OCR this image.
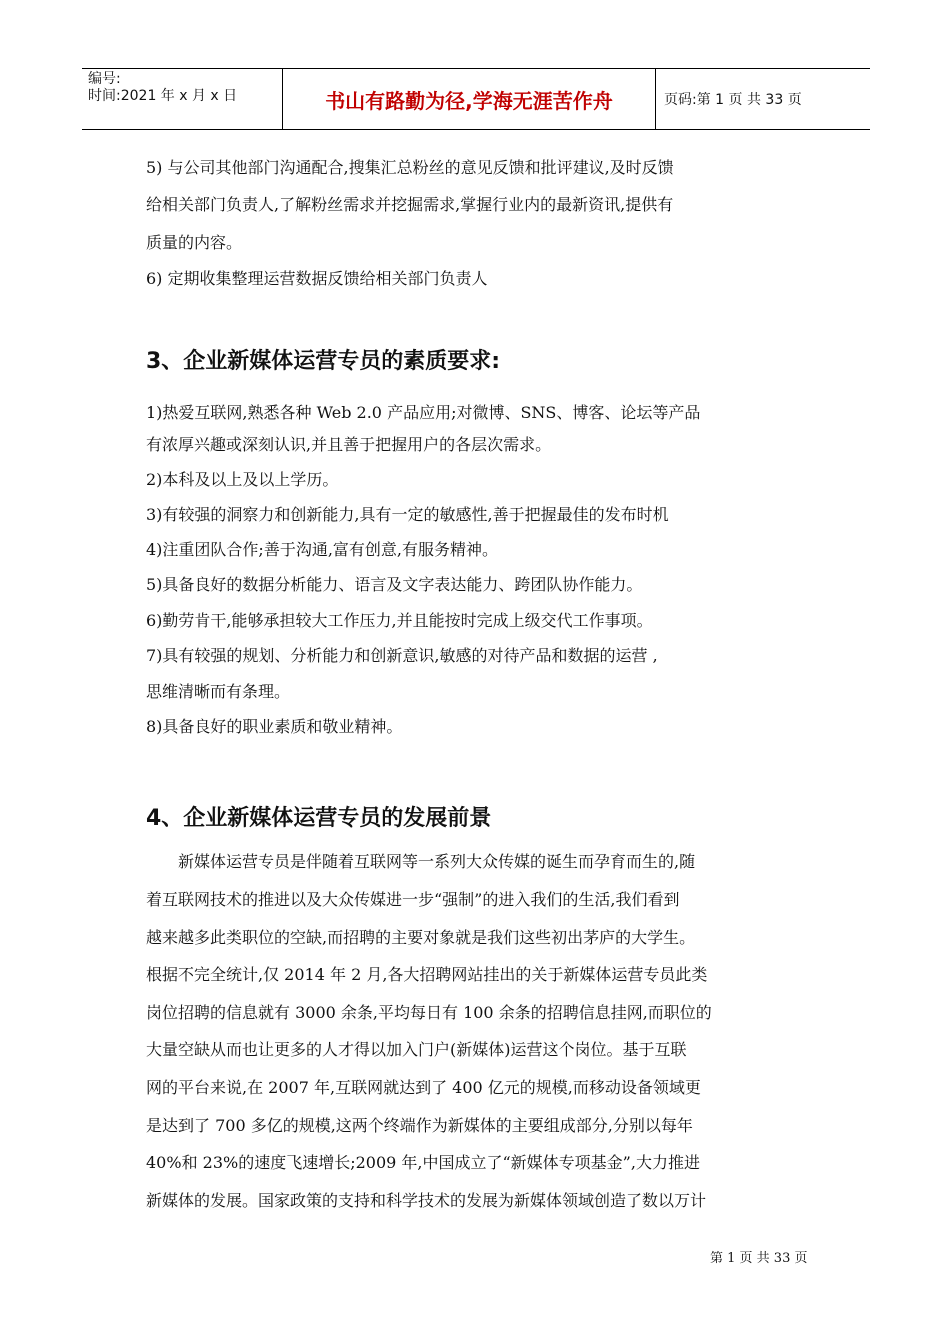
编号:
时间:2021 年 x 月 x 日	书山有路勤为径,学海无涯苦作舟	页码:第 1 页 共 33 页
5) 与公司其他部门沟通配合,搜集汇总粉丝的意见反馈和批评建议,及时反馈
给相关部门负责人,了解粉丝需求并挖掘需求,掌握行业内的最新资讯,提供有
质量的内容。
6) 定期收集整理运营数据反馈给相关部门负责人
3、企业新媒体运营专员的素质要求:
1)热爱互联网,熟悉各种 Web 2.0 产品应用;对微博、SNS、博客、论坛等产品
有浓厚兴趣或深刻认识,并且善于把握用户的各层次需求。
2)本科及以上及以上学历。
3)有较强的洞察力和创新能力,具有一定的敏感性,善于把握最佳的发布时机
4)注重团队合作;善于沟通,富有创意,有服务精神。
5)具备良好的数据分析能力、语言及文字表达能力、跨团队协作能力。
6)勤劳肯干,能够承担较大工作压力,并且能按时完成上级交代工作事项。
7)具有较强的规划、分析能力和创新意识,敏感的对待产品和数据的运营 ,
思维清晰而有条理。
8)具备良好的职业素质和敬业精神。
4、企业新媒体运营专员的发展前景
新媒体运营专员是伴随着互联网等一系列大众传媒的诞生而孕育而生的,随
着互联网技术的推进以及大众传媒进一步“强制”的进入我们的生活,我们看到
越来越多此类职位的空缺,而招聘的主要对象就是我们这些初出茅庐的大学生。
根据不完全统计,仅 2014 年 2 月,各大招聘网站挂出的关于新媒体运营专员此类
岗位招聘的信息就有 3000 余条,平均每日有 100 余条的招聘信息挂网,而职位的
大量空缺从而也让更多的人才得以加入门户(新媒体)运营这个岗位。基于互联
网的平台来说,在 2007 年,互联网就达到了 400 亿元的规模,而移动设备领域更
是达到了 700 多亿的规模,这两个终端作为新媒体的主要组成部分,分别以每年
40%和 23%的速度飞速增长;2009 年,中国成立了“新媒体专项基金”,大力推进
新媒体的发展。国家政策的支持和科学技术的发展为新媒体领域创造了数以万计
第 1 页 共 33 页
